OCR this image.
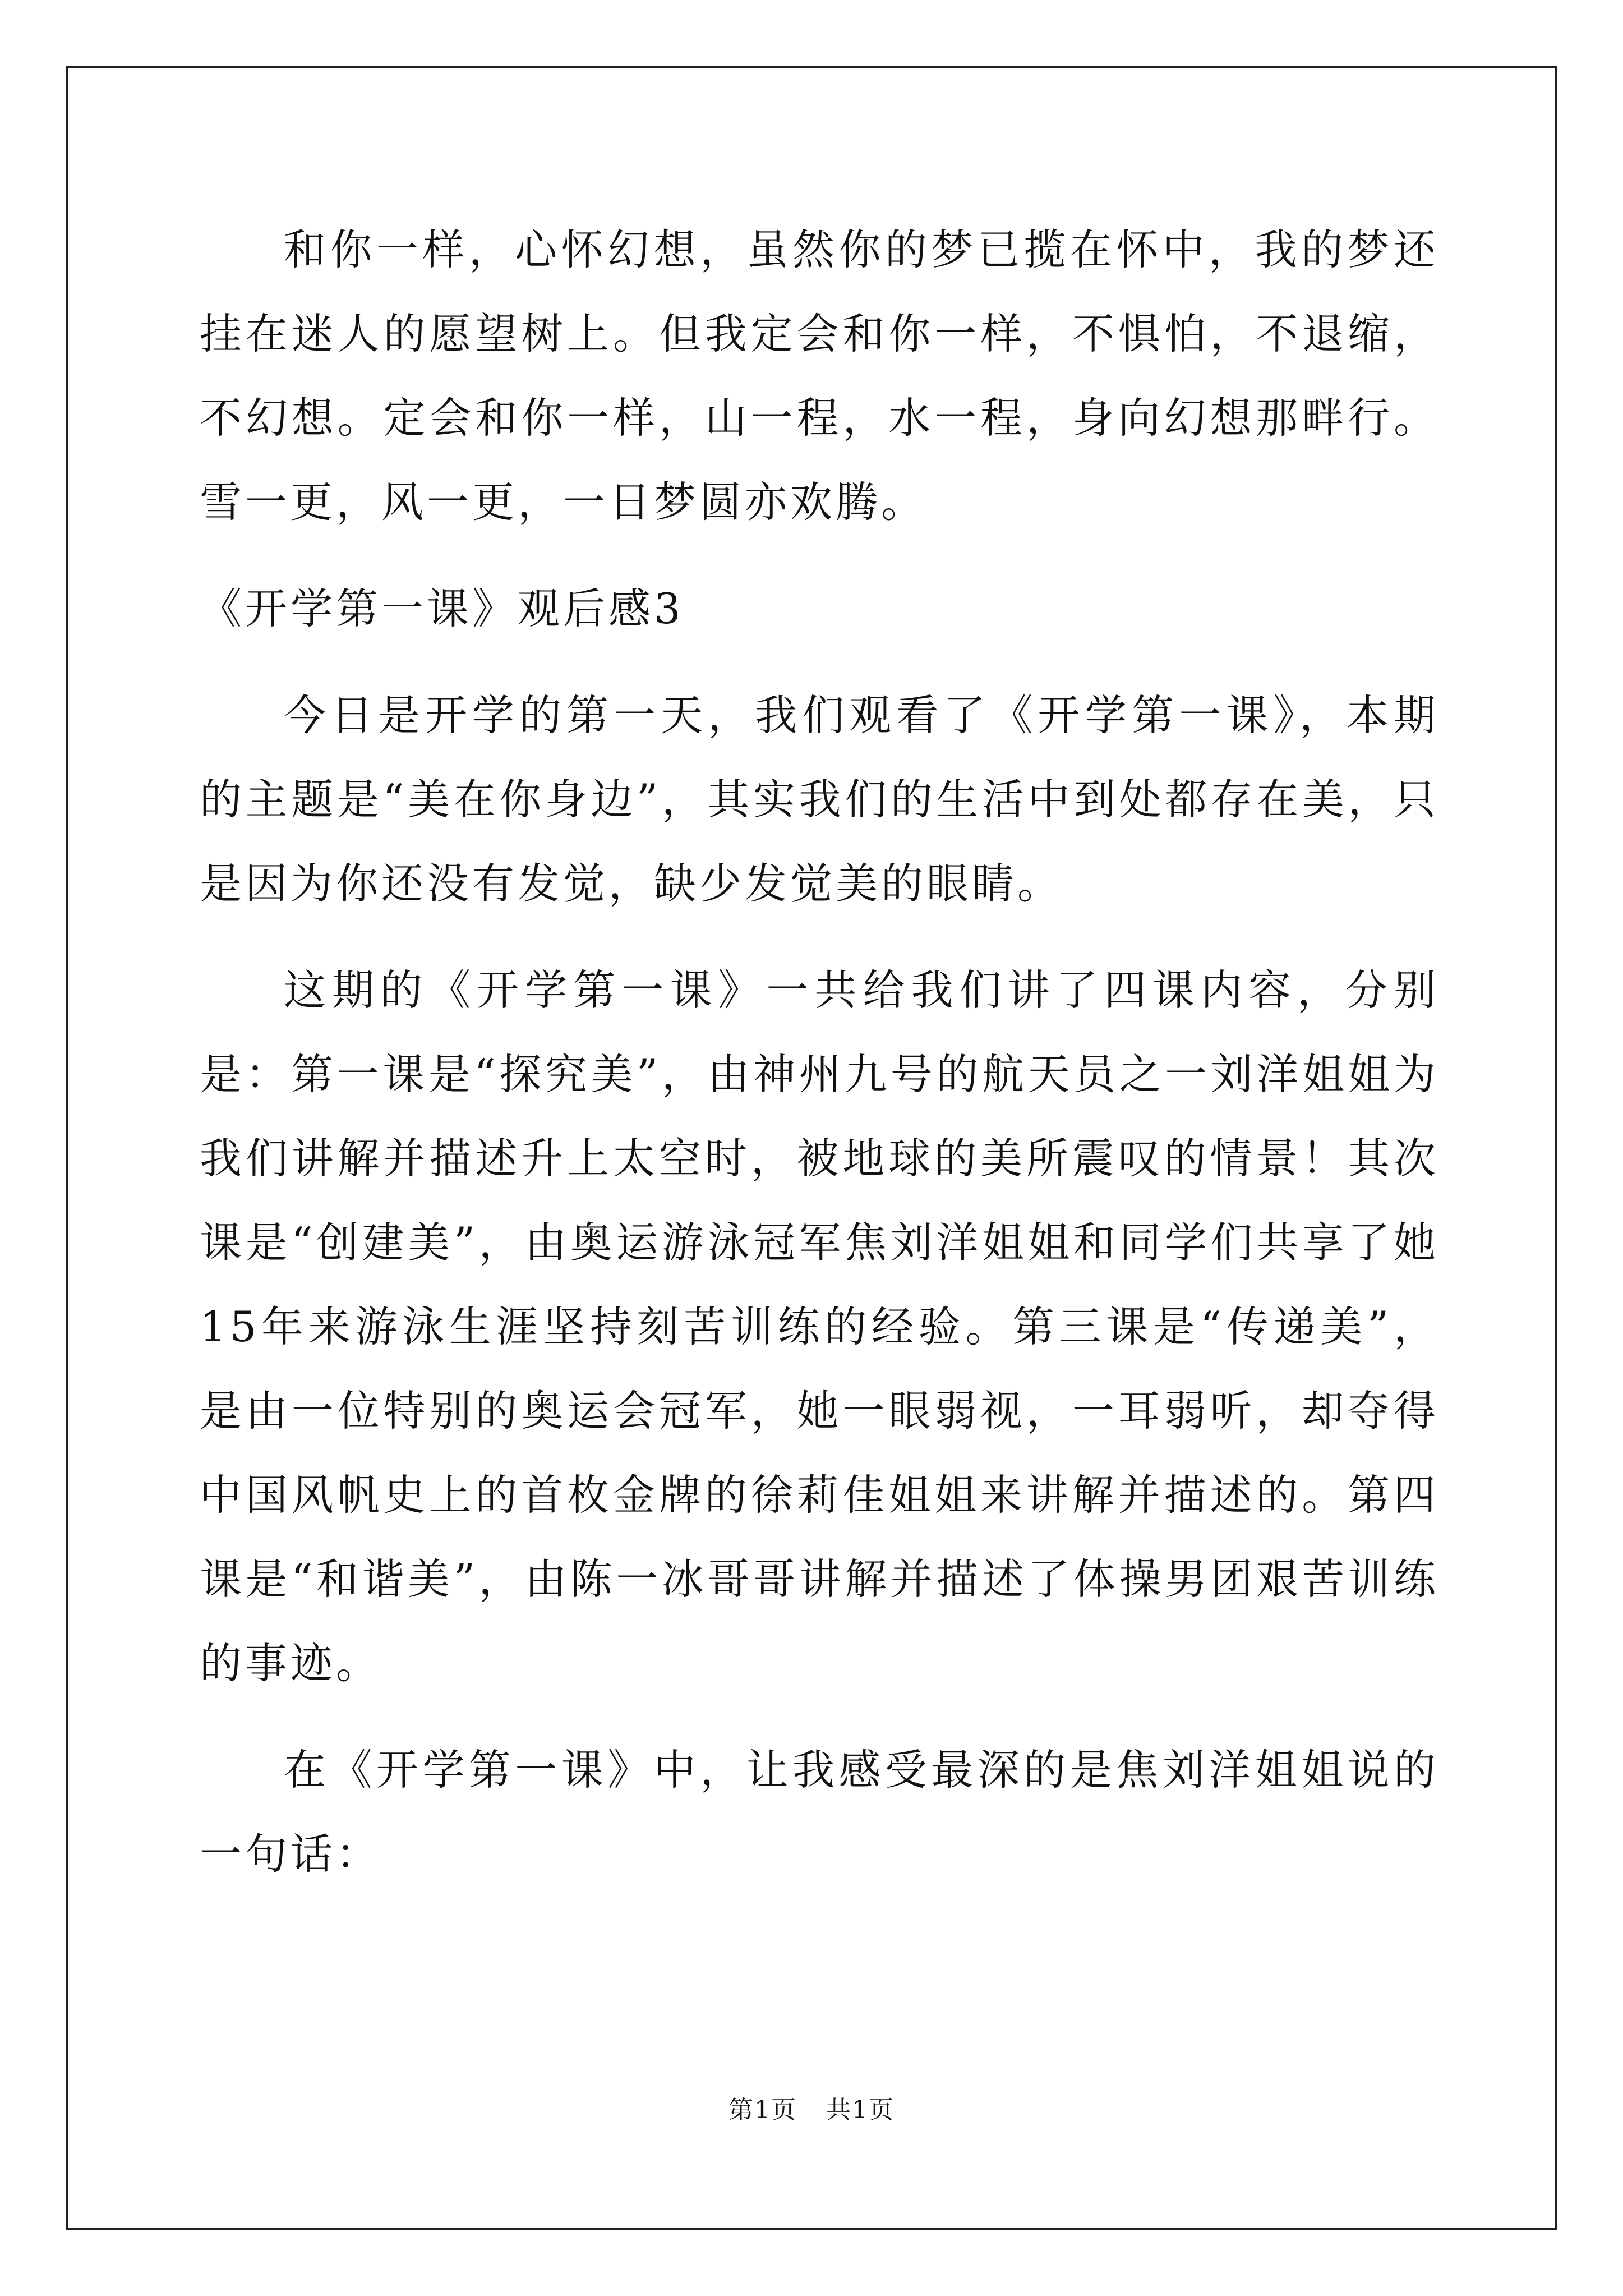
和你一样，心怀幻想，虽然你的梦已揽在怀中，我的梦还挂在迷人的愿望树上。但我定会和你一样，不惧怕，不退缩，不幻想。定会和你一样，山一程，水一程，身向幻想那畔行。雪一更，风一更，一日梦圆亦欢腾。

《开学第一课》观后感3

今日是开学的第一天，我们观看了《开学第一课》，本期的主题是“美在你身边”，其实我们的生活中到处都存在美，只是因为你还没有发觉，缺少发觉美的眼睛。

这期的《开学第一课》一共给我们讲了四课内容，分别是：第一课是“探究美”，由神州九号的航天员之一刘洋姐姐为我们讲解并描述升上太空时，被地球的美所震叹的情景！其次课是“创建美”，由奥运游泳冠军焦刘洋姐姐和同学们共享了她15年来游泳生涯坚持刻苦训练的经验。第三课是“传递美”，是由一位特别的奥运会冠军，她一眼弱视，一耳弱听，却夺得中国风帆史上的首枚金牌的徐莉佳姐姐来讲解并描述的。第四课是“和谐美”，由陈一冰哥哥讲解并描述了体操男团艰苦训练的事迹。

在《开学第一课》中，让我感受最深的是焦刘洋姐姐说的一句话：

第1页 共1页
